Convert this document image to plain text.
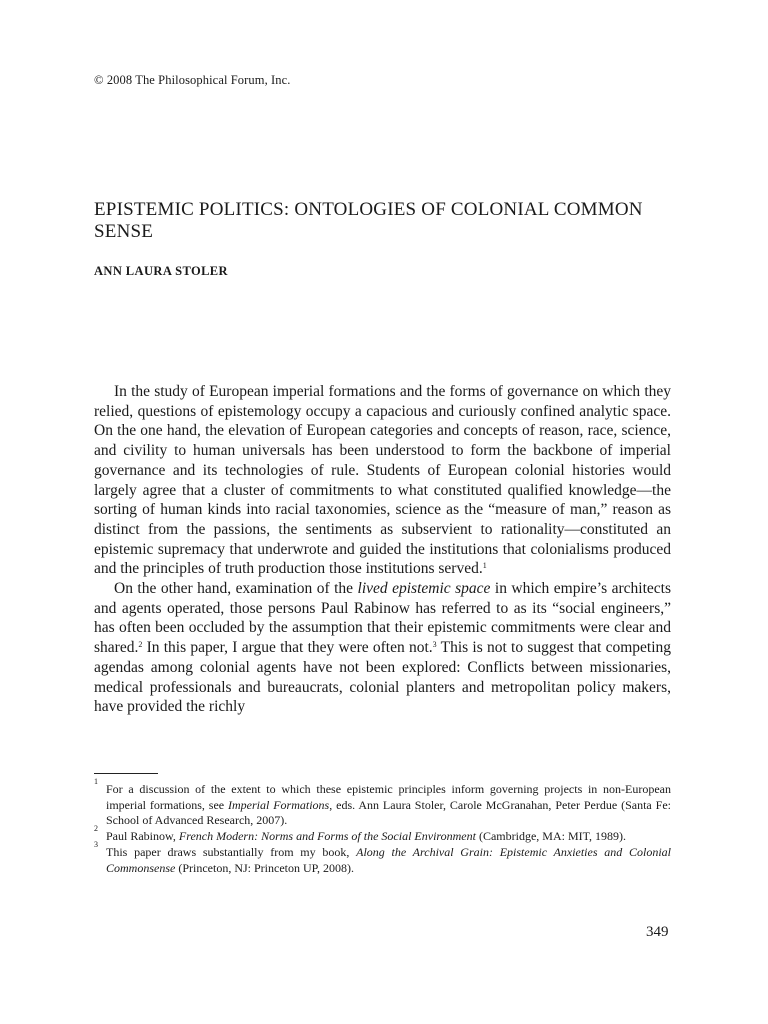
© 2008 The Philosophical Forum, Inc.
EPISTEMIC POLITICS: ONTOLOGIES OF COLONIAL COMMON SENSE
ANN LAURA STOLER

In the study of European imperial formations and the forms of governance on which they relied, questions of epistemology occupy a capacious and curiously confined analytic space. On the one hand, the elevation of European categories and concepts of reason, race, science, and civility to human universals has been understood to form the backbone of imperial governance and its technologies of rule. Students of European colonial histories would largely agree that a cluster of commitments to what constituted qualified knowledge—the sorting of human kinds into racial taxonomies, science as the “measure of man,” reason as distinct from the passions, the sentiments as subservient to rationality—constituted an epistemic supremacy that underwrote and guided the institutions that colonialisms produced and the principles of truth production those institutions served.$^1$

On the other hand, examination of the lived epistemic space in which empire’s architects and agents operated, those persons Paul Rabinow has referred to as its “social engineers,” has often been occluded by the assumption that their epistemic commitments were clear and shared.$^2$ In this paper, I argue that they were often not.$^3$ This is not to suggest that competing agendas among colonial agents have not been explored: Conflicts between missionaries, medical professionals and bureaucrats, colonial planters and metropolitan policy makers, have provided the richly

1
For a discussion of the extent to which these epistemic principles inform governing projects in non-European imperial formations, see Imperial Formations, eds. Ann Laura Stoler, Carole McGranahan, Peter Perdue (Santa Fe: School of Advanced Research, 2007).
2
Paul Rabinow, French Modern: Norms and Forms of the Social Environment (Cambridge, MA: MIT, 1989).
3
This paper draws substantially from my book, Along the Archival Grain: Epistemic Anxieties and Colonial Commonsense (Princeton, NJ: Princeton UP, 2008).
349
